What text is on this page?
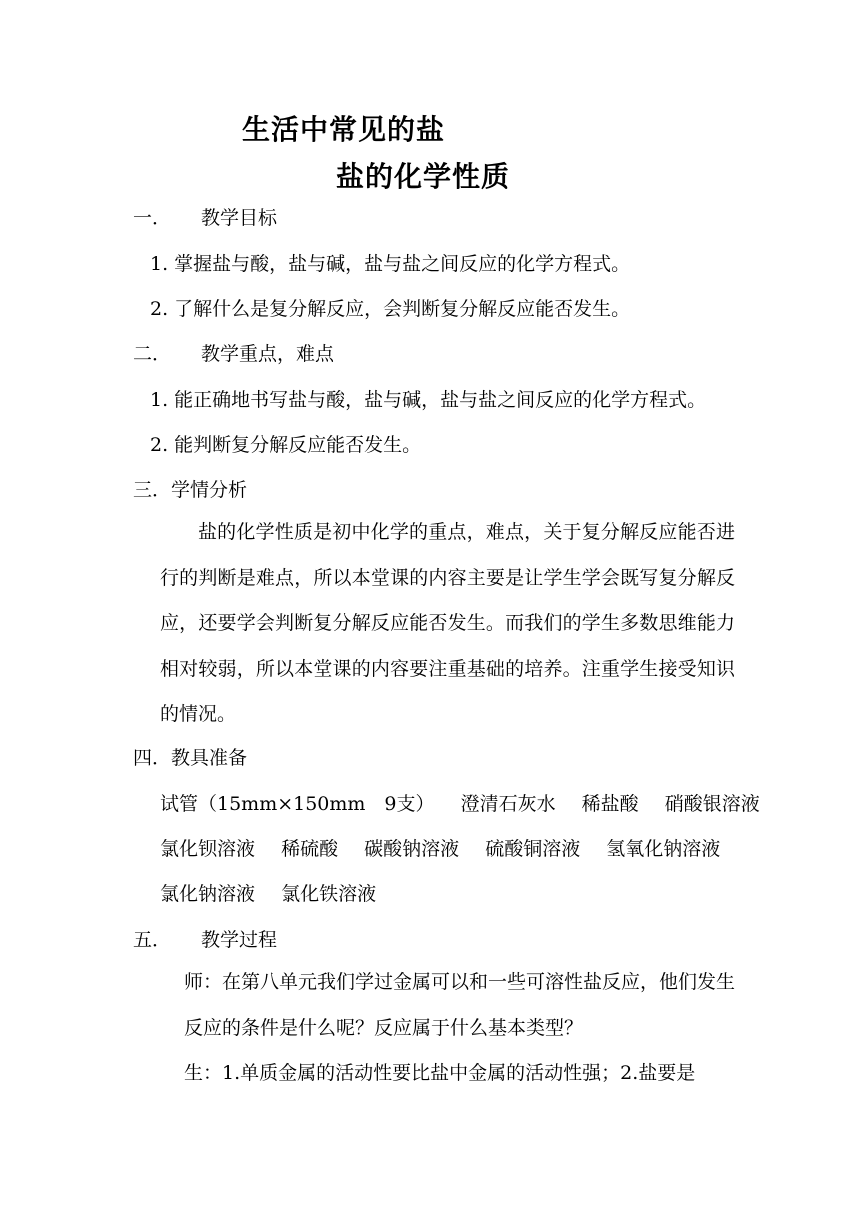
生活中常见的盐
盐的化学性质
一． 教学目标
1. 掌握盐与酸，盐与碱，盐与盐之间反应的化学方程式。
2. 了解什么是复分解反应，会判断复分解反应能否发生。
二． 教学重点，难点
1. 能正确地书写盐与酸，盐与碱，盐与盐之间反应的化学方程式。
2. 能判断复分解反应能否发生。
三．学情分析
盐的化学性质是初中化学的重点，难点，关于复分解反应能否进行的判断是难点，所以本堂课的内容主要是让学生学会既写复分解反应，还要学会判断复分解反应能否发生。而我们的学生多数思维能力相对较弱，所以本堂课的内容要注重基础的培养。注重学生接受知识的情况。
四．教具准备
试管（15mm×150mm　9支） 澄清石灰水 稀盐酸 硝酸银溶液
氯化钡溶液 稀硫酸 碳酸钠溶液 硫酸铜溶液 氢氧化钠溶液
氯化钠溶液 氯化铁溶液
五． 教学过程
师：在第八单元我们学过金属可以和一些可溶性盐反应，他们发生反应的条件是什么呢？反应属于什么基本类型？
生：1.单质金属的活动性要比盐中金属的活动性强；2.盐要是
